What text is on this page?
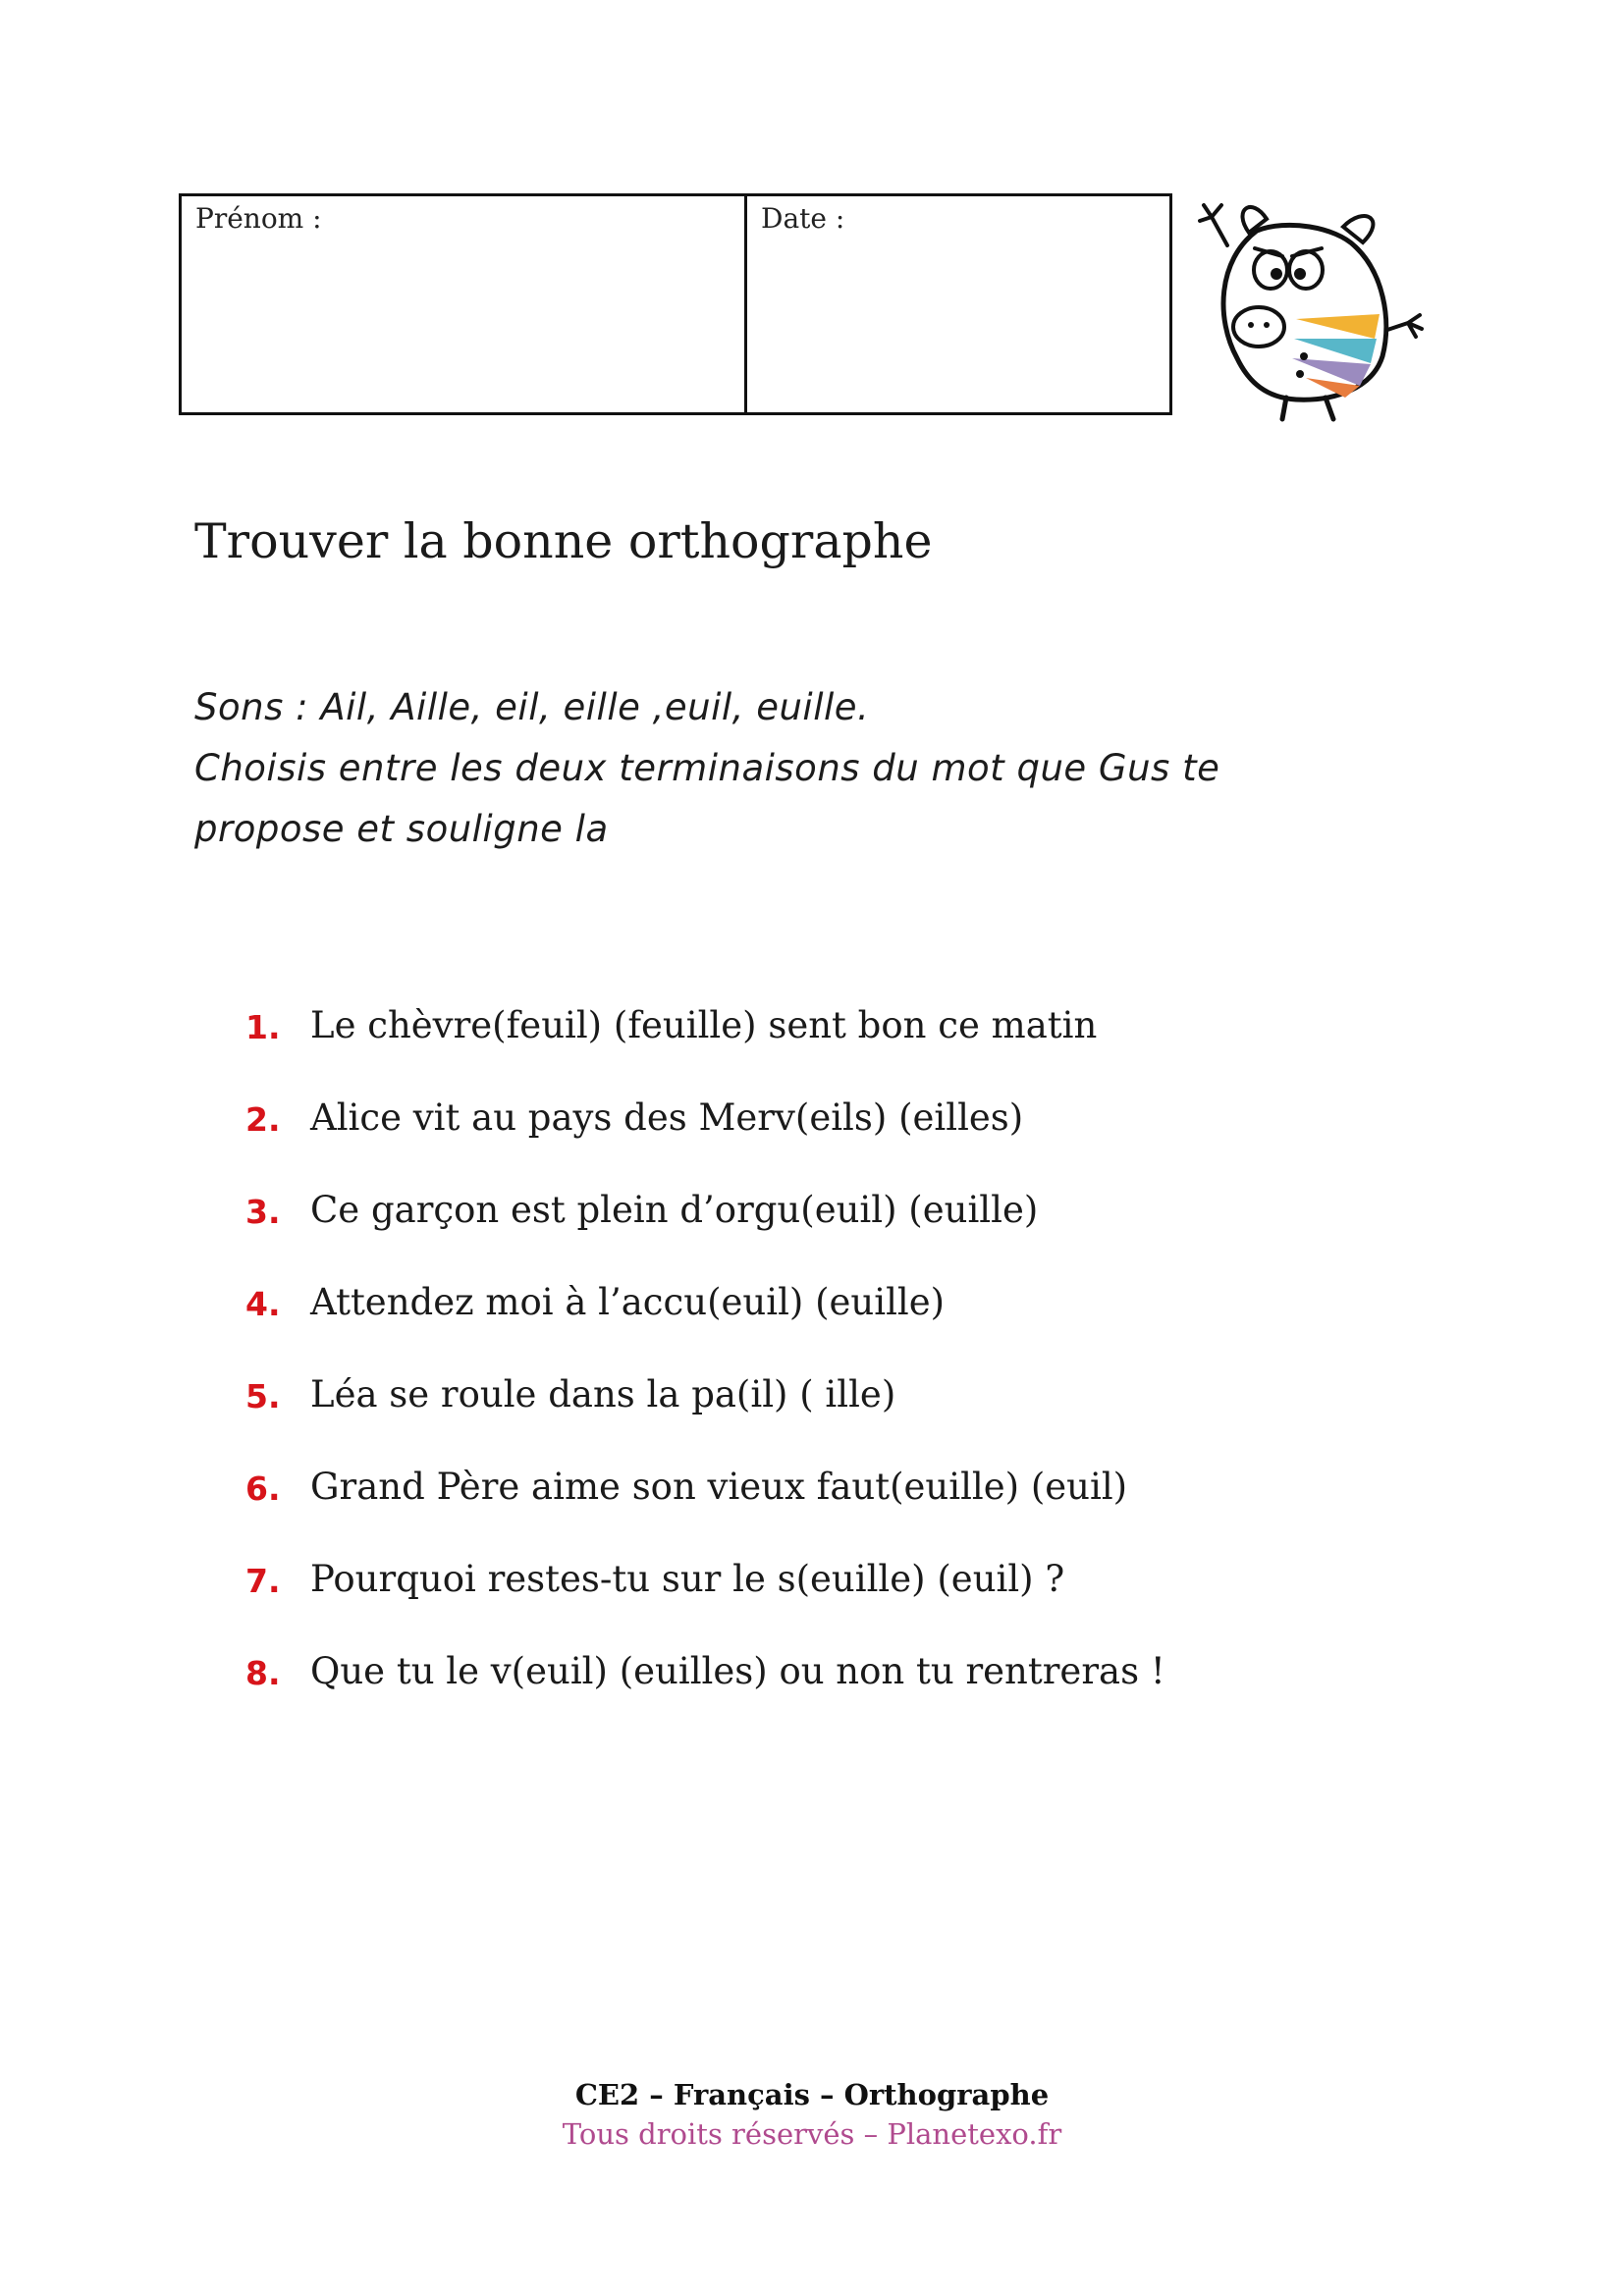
Prénom :	Date :
Trouver la bonne orthographe
Sons : Ail, Aille, eil, eille ,euil, euille.
Choisis entre les deux terminaisons du mot que Gus te
propose et souligne la
1. Le chèvre(feuil) (feuille) sent bon ce matin
2. Alice vit au pays des Merv(eils) (eilles)
3. Ce garçon est plein d’orgu(euil) (euille)
4. Attendez moi à l’accu(euil) (euille)
5. Léa se roule dans la pa(il) ( ille)
6. Grand Père aime son vieux faut(euille) (euil)
7. Pourquoi restes-tu sur le s(euille) (euil) ?
8. Que tu le v(euil) (euilles) ou non tu rentreras !
CE2 – Français – Orthographe
Tous droits réservés – Planetexo.fr
